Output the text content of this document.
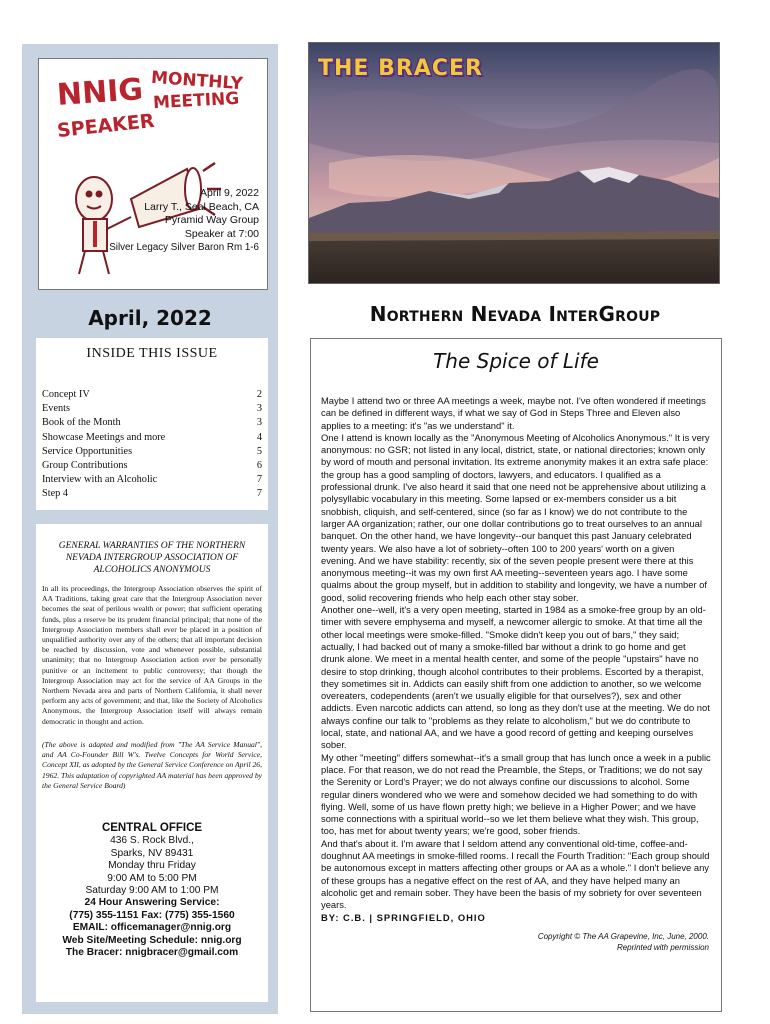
NNIG MONTHLY
MEETING
SPEAKER
April 9, 2022
Larry T., Seal Beach, CA
Pyramid Way Group
Speaker at 7:00
Silver Legacy Silver Baron Rm 1-6
April, 2022
INSIDE THIS ISSUE
Concept IV	2
Events	3
Book of the Month	3
Showcase Meetings and more	4
Service Opportunities	5
Group Contributions	6
Interview with an Alcoholic	7
Step 4	7
GENERAL WARRANTIES OF THE NORTHERN NEVADA INTERGROUP ASSOCIATION OF ALCOHOLICS ANONYMOUS
In all its proceedings, the Intergroup Association observes the spirit of AA Traditions, taking great care that the Intergroup Association never becomes the seat of perilous wealth or power; that sufficient operating funds, plus a reserve be its prudent financial principal; that none of the Intergroup Association members shall ever be placed in a position of unqualified authority over any of the others; that all important decision be reached by discussion, vote and whenever possible, substantial unanimity; that no Intergroup Association action ever be personally punitive or an incitement to public controversy; that though the Intergroup Association may act for the service of AA Groups in the Northern Nevada area and parts of Northern California, it shall never perform any acts of government; and that, like the Society of Alcoholics Anonymous, the Intergroup Association itself will always remain democratic in thought and action.
(The above is adapted and modified from "The AA Service Manual", and AA Co-Founder Bill W's. Twelve Concepts for World Service, Concept XII, as adopted by the General Service Conference on April 26, 1962. This adaptation of copyrighted AA material has been approved by the General Service Board)
CENTRAL OFFICE
436 S. Rock Blvd.,
Sparks, NV 89431
Monday thru Friday
9:00 AM to 5:00 PM
Saturday 9:00 AM to 1:00 PM
24 Hour Answering Service:
(775) 355-1151 Fax: (775) 355-1560
EMAIL: officemanager@nnig.org
Web Site/Meeting Schedule: nnig.org
The Bracer: nnigbracer@gmail.com
THE BRACER
Northern Nevada InterGroup
The Spice of Life

Maybe I attend two or three AA meetings a week, maybe not. I've often wondered if meetings can be defined in different ways, if what we say of God in Steps Three and Eleven also applies to a meeting: it's "as we understand" it.

One I attend is known locally as the "Anonymous Meeting of Alcoholics Anonymous." It is very anonymous: no GSR; not listed in any local, district, state, or national directories; known only by word of mouth and personal invitation. Its extreme anonymity makes it an extra safe place: the group has a good sampling of doctors, lawyers, and educators. I qualified as a professional drunk. I've also heard it said that one need not be apprehensive about utilizing a polysyllabic vocabulary in this meeting. Some lapsed or ex-members consider us a bit snobbish, cliquish, and self-centered, since (so far as I know) we do not contribute to the larger AA organization; rather, our one dollar contributions go to treat ourselves to an annual banquet. On the other hand, we have longevity--our banquet this past January celebrated twenty years. We also have a lot of sobriety--often 100 to 200 years' worth on a given evening. And we have stability: recently, six of the seven people present were there at this anonymous meeting--it was my own first AA meeting--seventeen years ago. I have some qualms about the group myself, but in addition to stability and longevity, we have a number of good, solid recovering friends who help each other stay sober.

Another one--well, it's a very open meeting, started in 1984 as a smoke-free group by an old-timer with severe emphysema and myself, a newcomer allergic to smoke. At that time all the other local meetings were smoke-filled. "Smoke didn't keep you out of bars," they said; actually, I had backed out of many a smoke-filled bar without a drink to go home and get drunk alone. We meet in a mental health center, and some of the people "upstairs" have no desire to stop drinking, though alcohol contributes to their problems. Escorted by a therapist, they sometimes sit in. Addicts can easily shift from one addiction to another, so we welcome overeaters, codependents (aren't we usually eligible for that ourselves?), sex and other addicts. Even narcotic addicts can attend, so long as they don't use at the meeting. We do not always confine our talk to "problems as they relate to alcoholism," but we do contribute to local, state, and national AA, and we have a good record of getting and keeping ourselves sober.

My other "meeting" differs somewhat--it's a small group that has lunch once a week in a public place. For that reason, we do not read the Preamble, the Steps, or Traditions; we do not say the Serenity or Lord's Prayer; we do not always confine our discussions to alcohol. Some regular diners wondered who we were and somehow decided we had something to do with flying. Well, some of us have flown pretty high; we believe in a Higher Power; and we have some connections with a spiritual world--so we let them believe what they wish. This group, too, has met for about twenty years; we're good, sober friends.

And that's about it. I'm aware that I seldom attend any conventional old-time, coffee-and-doughnut AA meetings in smoke-filled rooms. I recall the Fourth Tradition: "Each group should be autonomous except in matters affecting other groups or AA as a whole." I don't believe any of these groups has a negative effect on the rest of AA, and they have helped many an alcoholic get and remain sober. They have been the basis of my sobriety for over seventeen years.

BY: C.B. | SPRINGFIELD, OHIO

Copyright © The AA Grapevine, Inc, June, 2000.
Reprinted with permission
